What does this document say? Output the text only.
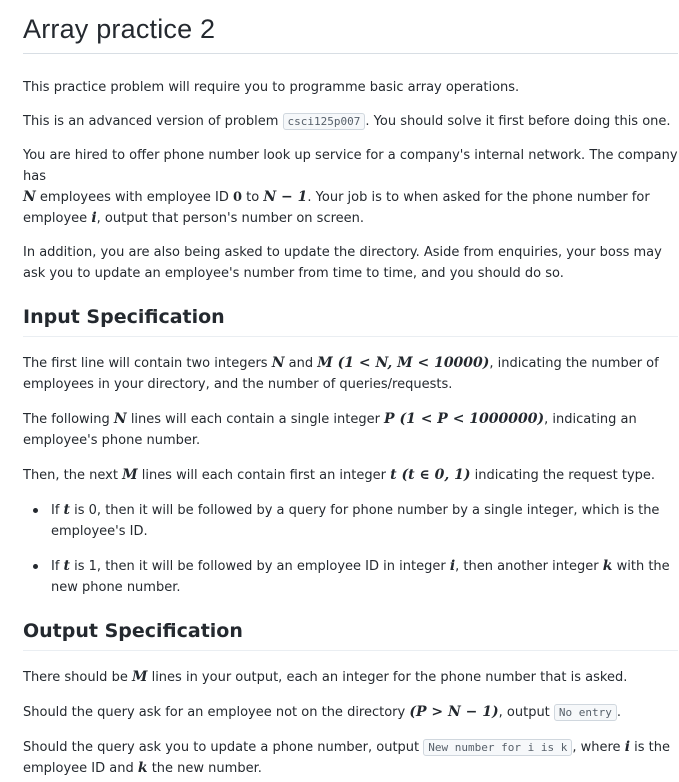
Array practice 2

This practice problem will require you to programme basic array operations.

This is an advanced version of problem csci125p007 . You should solve it first before doing this one.

You are hired to offer phone number look up service for a company's internal network. The company has
N employees with employee ID 0 to N − 1. Your job is to when asked for the phone number for employee i, output that person's number on screen.

In addition, you are also being asked to update the directory. Aside from enquiries, your boss may ask you to update an employee's number from time to time, and you should do so.

Input Specification

The first line will contain two integers N and M (1 < N, M < 10000), indicating the number of employees in your directory, and the number of queries/requests.

The following N lines will each contain a single integer P (1 < P < 1000000), indicating an employee's phone number.

Then, the next M lines will each contain first an integer t (t ∈ 0, 1) indicating the request type.

If t is 0, then it will be followed by a query for phone number by a single integer, which is the employee's ID.
If t is 1, then it will be followed by an employee ID in integer i, then another integer k with the new phone number.
Output Specification

There should be M lines in your output, each an integer for the phone number that is asked.

Should the query ask for an employee not on the directory (P > N − 1), output No entry .

Should the query ask you to update a phone number, output New number for i is k , where i is the employee ID and k the new number.
